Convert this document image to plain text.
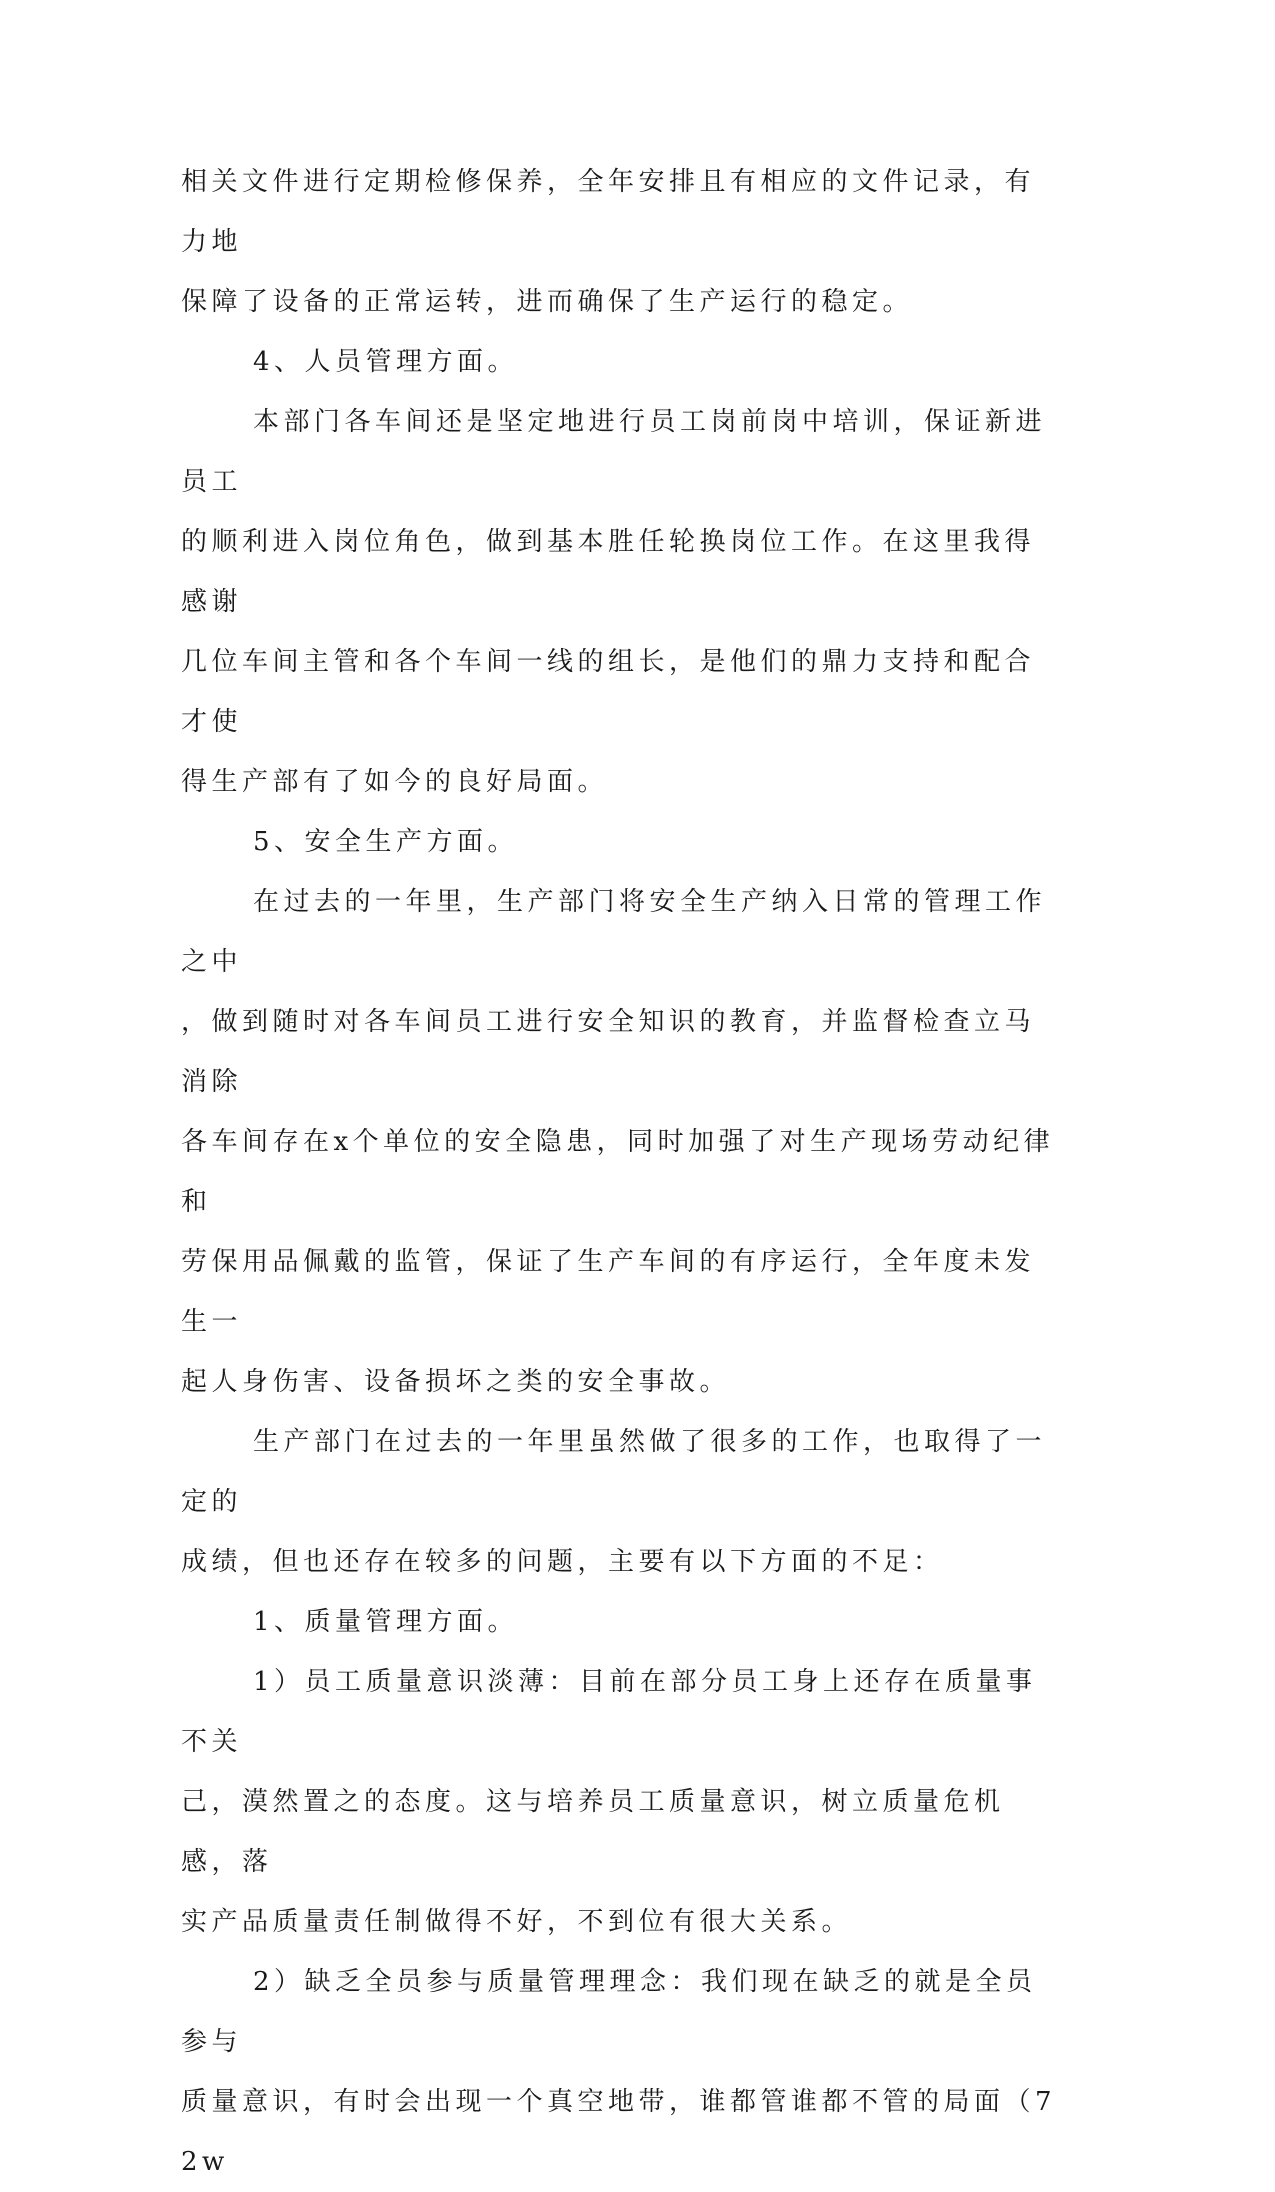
相关文件进行定期检修保养，全年安排且有相应的文件记录，有力地
保障了设备的正常运转，进而确保了生产运行的稳定。
4、人员管理方面。
本部门各车间还是坚定地进行员工岗前岗中培训，保证新进员工
的顺利进入岗位角色，做到基本胜任轮换岗位工作。在这里我得感谢
几位车间主管和各个车间一线的组长，是他们的鼎力支持和配合才使
得生产部有了如今的良好局面。
5、安全生产方面。
在过去的一年里，生产部门将安全生产纳入日常的管理工作之中
，做到随时对各车间员工进行安全知识的教育，并监督检查立马消除
各车间存在x个单位的安全隐患，同时加强了对生产现场劳动纪律和
劳保用品佩戴的监管，保证了生产车间的有序运行，全年度未发生一
起人身伤害、设备损坏之类的安全事故。
生产部门在过去的一年里虽然做了很多的工作，也取得了一定的
成绩，但也还存在较多的问题，主要有以下方面的不足：
1、质量管理方面。
1）员工质量意识淡薄：目前在部分员工身上还存在质量事不关
己，漠然置之的态度。这与培养员工质量意识，树立质量危机感，落
实产品质量责任制做得不好，不到位有很大关系。
2）缺乏全员参与质量管理理念：我们现在缺乏的就是全员参与
质量意识，有时会出现一个真空地带，谁都管谁都不管的局面（72w
